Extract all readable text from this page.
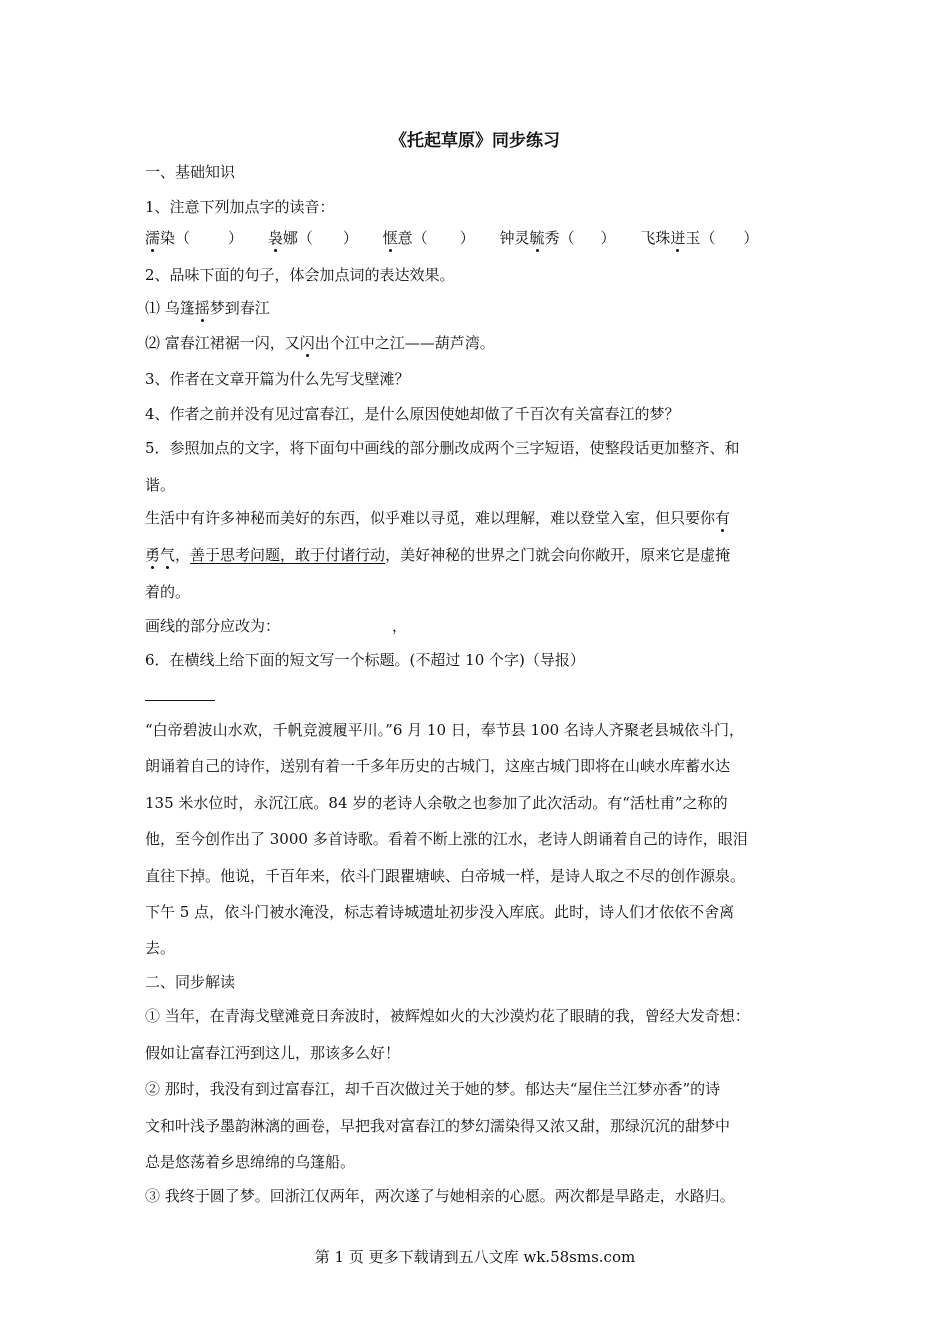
《托起草原》同步练习
一、基础知识
1、注意下列加点字的读音：
濡染（	） 袅娜（ ） 惬意（ ） 钟灵毓秀（ ） 飞珠迸玉（ ）
2、品味下面的句子，体会加点词的表达效果。
⑴ 乌篷摇梦到春江
⑵ 富春江裙裾一闪，又闪出个江中之江——葫芦湾。
3、作者在文章开篇为什么先写戈壁滩？
4、作者之前并没有见过富春江，是什么原因使她却做了千百次有关富春江的梦？
5．参照加点的文字，将下面句中画线的部分删改成两个三字短语，使整段话更加整齐、和
谐。
生活中有许多神秘而美好的东西，似乎难以寻觅，难以理解，难以登堂入室，但只要你有
勇气，善于思考问题，敢于付诸行动，美好神秘的世界之门就会向你敞开，原来它是虚掩
着的。
画线的部分应改为：	，
6．在横线上给下面的短文写一个标题。(不超过 10 个字)（导报）
“白帝碧波山水欢，千帆竞渡履平川。”6 月 10 日，奉节县 100 名诗人齐聚老县城依斗门，
朗诵着自己的诗作，送别有着一千多年历史的古城门，这座古城门即将在山峡水库蓄水达
135 米水位时，永沉江底。84 岁的老诗人余敬之也参加了此次活动。有“活杜甫”之称的
他，至今创作出了 3000 多首诗歌。看着不断上涨的江水，老诗人朗诵着自己的诗作，眼泪
直往下掉。他说，千百年来，依斗门跟瞿塘峡、白帝城一样，是诗人取之不尽的创作源泉。
下午 5 点，依斗门被水淹没，标志着诗城遗址初步没入库底。此时，诗人们才依依不舍离
去。
二、同步解读
① 当年，在青海戈壁滩竟日奔波时，被辉煌如火的大沙漠灼花了眼睛的我，曾经大发奇想：
假如让富春江沔到这儿，那该多么好！
② 那时，我没有到过富春江，却千百次做过关于她的梦。郁达夫“屋住兰江梦亦香”的诗
文和叶浅予墨韵淋漓的画卷，早把我对富春江的梦幻濡染得又浓又甜，那绿沉沉的甜梦中
总是悠荡着乡思绵绵的乌篷船。
③ 我终于圆了梦。回浙江仅两年，两次遂了与她相亲的心愿。两次都是旱路走，水路归。
第 1 页 更多下载请到五八文库 wk.58sms.com
